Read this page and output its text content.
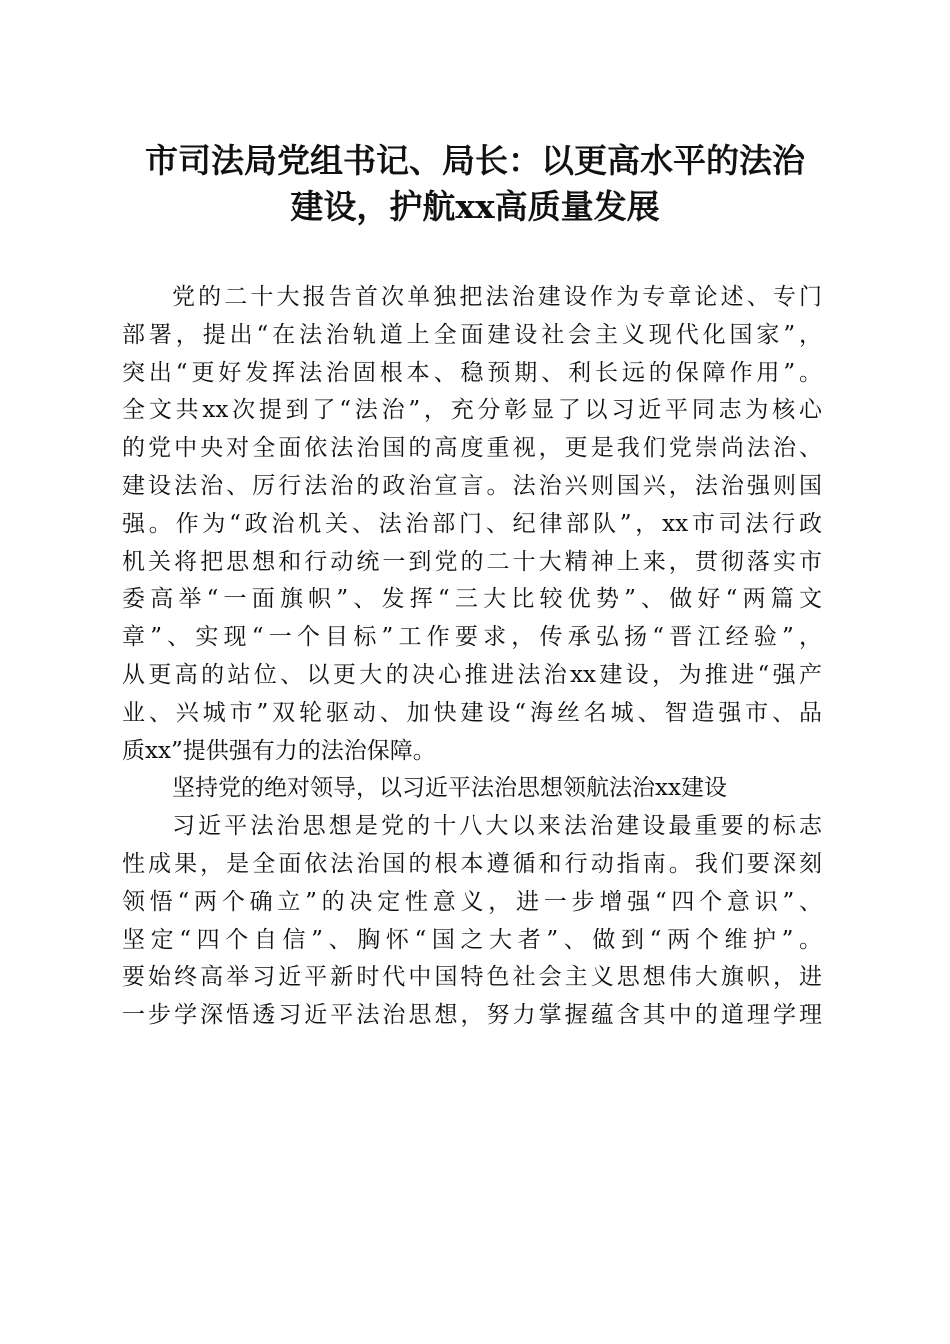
市司法局党组书记、局长：以更高水平的法治
建设，护航xx高质量发展
党的二十大报告首次单独把法治建设作为专章论述、专门
部署，提出“在法治轨道上全面建设社会主义现代化国家”，
突出“更好发挥法治固根本、稳预期、利长远的保障作用”。
全文共xx次提到了“法治”，充分彰显了以习近平同志为核心
的党中央对全面依法治国的高度重视，更是我们党崇尚法治、
建设法治、厉行法治的政治宣言。法治兴则国兴，法治强则国
强。作为“政治机关、法治部门、纪律部队”，xx市司法行政
机关将把思想和行动统一到党的二十大精神上来，贯彻落实市
委高举“一面旗帜”、发挥“三大比较优势”、做好“两篇文
章”、实现“一个目标”工作要求，传承弘扬“晋江经验”，
从更高的站位、以更大的决心推进法治xx建设，为推进“强产
业、兴城市”双轮驱动、加快建设“海丝名城、智造强市、品
质xx”提供强有力的法治保障。
坚持党的绝对领导，以习近平法治思想领航法治xx建设
习近平法治思想是党的十八大以来法治建设最重要的标志
性成果，是全面依法治国的根本遵循和行动指南。我们要深刻
领悟“两个确立”的决定性意义，进一步增强“四个意识”、
坚定“四个自信”、胸怀“国之大者”、做到“两个维护”。
要始终高举习近平新时代中国特色社会主义思想伟大旗帜，进
一步学深悟透习近平法治思想，努力掌握蕴含其中的道理学理
